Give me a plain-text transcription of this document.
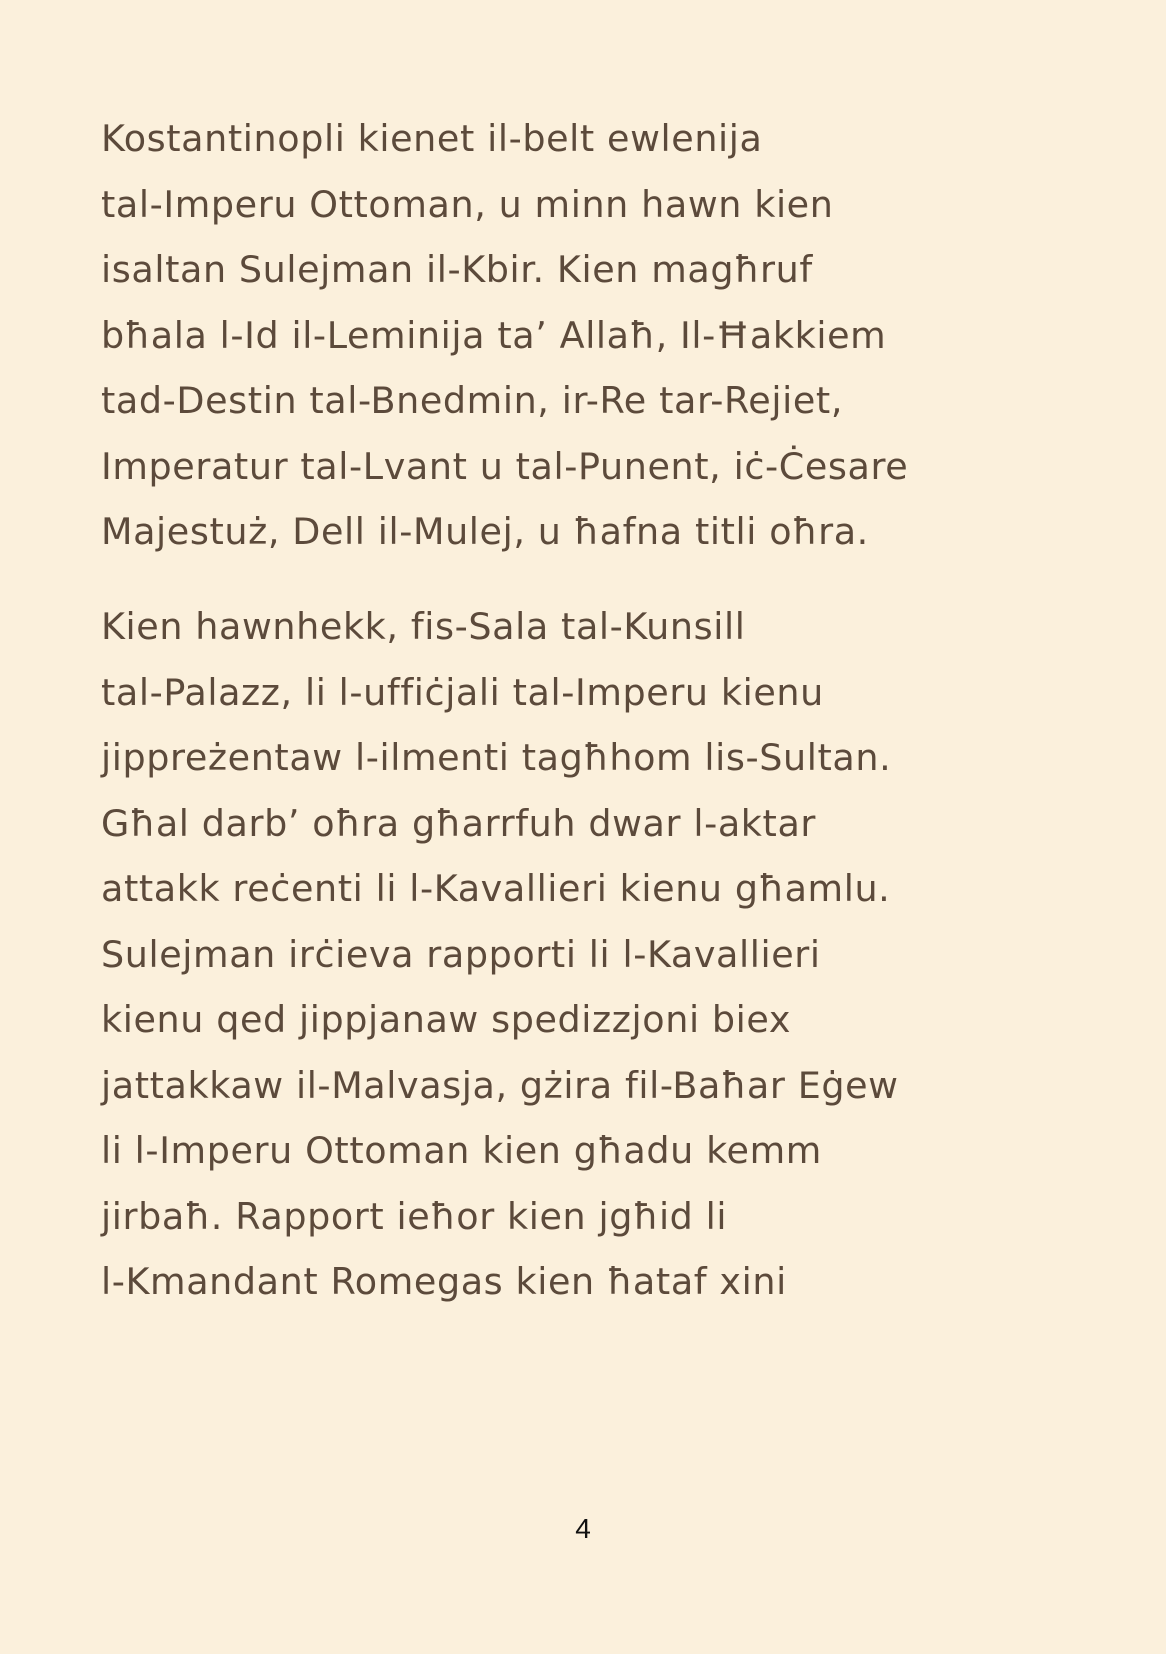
Kostantinopli kienet il-belt ewlenija
tal-Imperu Ottoman, u minn hawn kien
isaltan Sulejman il-Kbir. Kien magħruf
bħala l-Id il-Leminija ta’ Allaħ, Il-Ħakkiem
tad-Destin tal-Bnedmin, ir-Re tar-Rejiet,
Imperatur tal-Lvant u tal-Punent, iċ-Ċesare
Majestuż, Dell il-Mulej, u ħafna titli oħra.

Kien hawnhekk, fis-Sala tal-Kunsill
tal-Palazz, li l-uffiċjali tal-Imperu kienu
jippreżentaw l-ilmenti tagħhom lis-Sultan.
Għal darb’ oħra għarrfuh dwar l-aktar
attakk reċenti li l-Kavallieri kienu għamlu.
Sulejman irċieva rapporti li l-Kavallieri
kienu qed jippjanaw spedizzjoni biex
jattakkaw il-Malvasja, gżira fil-Baħar Eġew
li l-Imperu Ottoman kien għadu kemm
jirbaħ. Rapport ieħor kien jgħid li
l-Kmandant Romegas kien ħataf xini

4
